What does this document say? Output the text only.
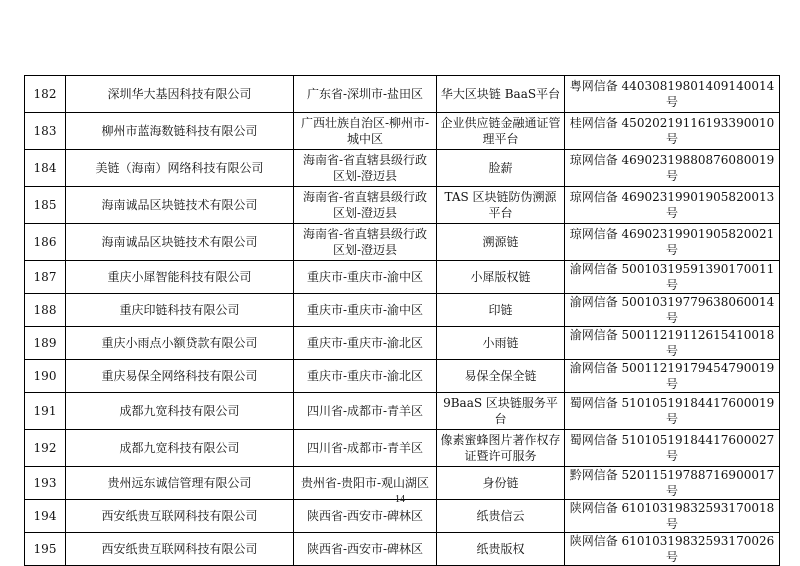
182	深圳华大基因科技有限公司	广东省-深圳市-盐田区	华大区块链 BaaS平台	粤网信备 44030819801409140014 号
183	柳州市蓝海数链科技有限公司	广西壮族自治区-柳州市-城中区	企业供应链金融通证管理平台	桂网信备 45020219116193390010 号
184	美链（海南）网络科技有限公司	海南省-省直辖县级行政区划-澄迈县	脸薪	琼网信备 46902319880876080019 号
185	海南诚品区块链技术有限公司	海南省-省直辖县级行政区划-澄迈县	TAS 区块链防伪溯源平台	琼网信备 46902319901905820013 号
186	海南诚品区块链技术有限公司	海南省-省直辖县级行政区划-澄迈县	溯源链	琼网信备 46902319901905820021 号
187	重庆小犀智能科技有限公司	重庆市-重庆市-渝中区	小犀版权链	渝网信备 50010319591390170011 号
188	重庆印链科技有限公司	重庆市-重庆市-渝中区	印链	渝网信备 50010319779638060014 号
189	重庆小雨点小额贷款有限公司	重庆市-重庆市-渝北区	小雨链	渝网信备 50011219112615410018 号
190	重庆易保全网络科技有限公司	重庆市-重庆市-渝北区	易保全保全链	渝网信备 50011219179454790019 号
191	成都九宽科技有限公司	四川省-成都市-青羊区	9BaaS 区块链服务平台	蜀网信备 51010519184417600019 号
192	成都九宽科技有限公司	四川省-成都市-青羊区	像素蜜蜂图片著作权存证暨许可服务	蜀网信备 51010519184417600027 号
193	贵州远东诚信管理有限公司	贵州省-贵阳市-观山湖区	身份链	黔网信备 52011519788716900017 号
194	西安纸贵互联网科技有限公司	陕西省-西安市-碑林区	纸贵信云	陕网信备 61010319832593170018 号
195	西安纸贵互联网科技有限公司	陕西省-西安市-碑林区	纸贵版权	陕网信备 61010319832593170026 号
14
